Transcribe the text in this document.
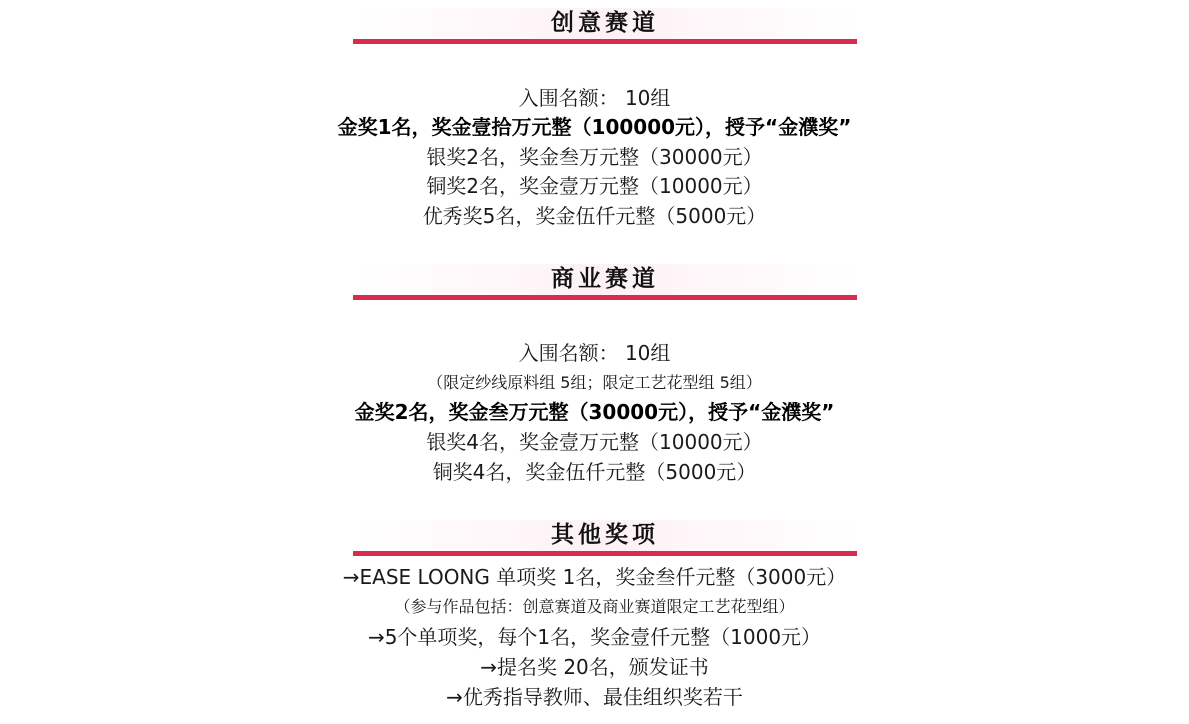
创意赛道
入围名额： 10组
金奖1名，奖金壹拾万元整（100000元），授予“金濮奖”
银奖2名，奖金叁万元整（30000元）
铜奖2名，奖金壹万元整（10000元）
优秀奖5名，奖金伍仟元整（5000元）
商业赛道
入围名额： 10组
（限定纱线原料组 5组；限定工艺花型组 5组）
金奖2名，奖金叁万元整（30000元），授予“金濮奖”
银奖4名，奖金壹万元整（10000元）
铜奖4名，奖金伍仟元整（5000元）
其他奖项
→EASE LOONG 单项奖 1名，奖金叁仟元整（3000元）
（参与作品包括：创意赛道及商业赛道限定工艺花型组）
→5个单项奖，每个1名，奖金壹仟元整（1000元）
→提名奖 20名，颁发证书
→优秀指导教师、最佳组织奖若干
